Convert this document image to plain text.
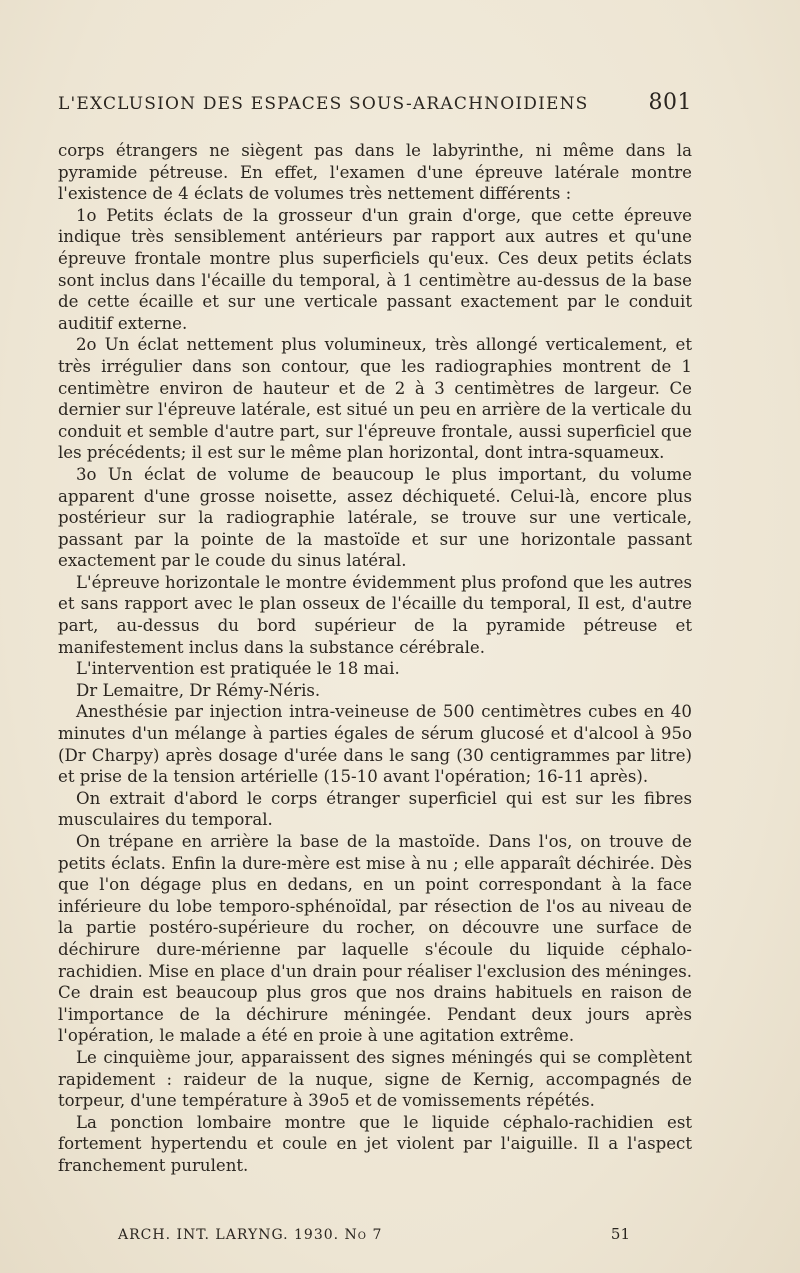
L'EXCLUSION DES ESPACES SOUS-ARACHNOIDIENS	801

corps étrangers ne siègent pas dans le labyrinthe, ni même dans la pyramide pétreuse. En effet, l'examen d'une épreuve latérale montre l'existence de 4 éclats de volumes très nettement différents :

1o Petits éclats de la grosseur d'un grain d'orge, que cette épreuve indique très sensiblement antérieurs par rapport aux autres et qu'une épreuve frontale montre plus superficiels qu'eux. Ces deux petits éclats sont inclus dans l'écaille du temporal, à 1 centimètre au-dessus de la base de cette écaille et sur une verticale passant exactement par le conduit auditif externe.

2o Un éclat nettement plus volumineux, très allongé verticalement, et très irrégulier dans son contour, que les radiographies montrent de 1 centimètre environ de hauteur et de 2 à 3 centimètres de largeur. Ce dernier sur l'épreuve latérale, est situé un peu en arrière de la verticale du conduit et semble d'autre part, sur l'épreuve frontale, aussi superficiel que les précédents; il est sur le même plan horizontal, dont intra-squameux.

3o Un éclat de volume de beaucoup le plus important, du volume apparent d'une grosse noisette, assez déchiqueté. Celui-là, encore plus postérieur sur la radiographie latérale, se trouve sur une verticale, passant par la pointe de la mastoïde et sur une horizontale passant exactement par le coude du sinus latéral.

L'épreuve horizontale le montre évidemment plus profond que les autres et sans rapport avec le plan osseux de l'écaille du temporal, Il est, d'autre part, au-dessus du bord supérieur de la pyramide pétreuse et manifestement inclus dans la substance cérébrale.

L'intervention est pratiquée le 18 mai.

Dr Lemaitre, Dr Rémy-Néris.

Anesthésie par injection intra-veineuse de 500 centimètres cubes en 40 minutes d'un mélange à parties égales de sérum glucosé et d'alcool à 95o (Dr Charpy) après dosage d'urée dans le sang (30 centigrammes par litre) et prise de la tension artérielle (15-10 avant l'opération; 16-11 après).

On extrait d'abord le corps étranger superficiel qui est sur les fibres musculaires du temporal.

On trépane en arrière la base de la mastoïde. Dans l'os, on trouve de petits éclats. Enfin la dure-mère est mise à nu ; elle apparaît déchirée. Dès que l'on dégage plus en dedans, en un point correspondant à la face inférieure du lobe temporo-sphénoïdal, par résection de l'os au niveau de la partie postéro-supérieure du rocher, on découvre une surface de déchirure dure-mérienne par laquelle s'écoule du liquide céphalo-rachidien. Mise en place d'un drain pour réaliser l'exclusion des méninges. Ce drain est beaucoup plus gros que nos drains habituels en raison de l'importance de la déchirure méningée. Pendant deux jours après l'opération, le malade a été en proie à une agitation extrême.

Le cinquième jour, apparaissent des signes méningés qui se complètent rapidement : raideur de la nuque, signe de Kernig, accompagnés de torpeur, d'une température à 39o5 et de vomissements répétés.

La ponction lombaire montre que le liquide céphalo-rachidien est fortement hypertendu et coule en jet violent par l'aiguille. Il a l'aspect franchement purulent.

ARCH. INT. LARYNG. 1930. No 7	51
